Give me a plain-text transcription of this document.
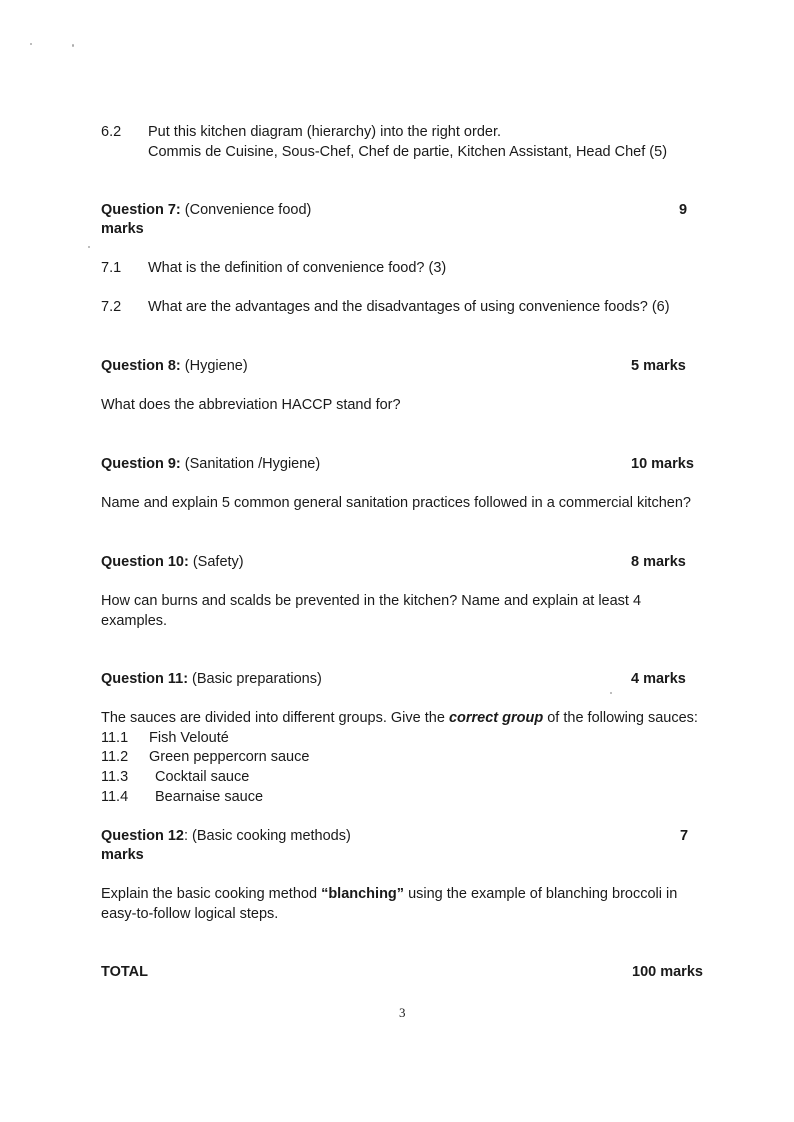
6.2 Put this kitchen diagram (hierarchy) into the right order.
Commis de Cuisine, Sous-Chef, Chef de partie, Kitchen Assistant, Head Chef (5)
Question 7: (Convenience food)	9
marks
7.1 What is the definition of convenience food? (3)
7.2 What are the advantages and the disadvantages of using convenience foods? (6)
Question 8: (Hygiene)	5 marks
What does the abbreviation HACCP stand for?
Question 9: (Sanitation /Hygiene)	10 marks
Name and explain 5 common general sanitation practices followed in a commercial kitchen?
Question 10: (Safety)	8 marks
How can burns and scalds be prevented in the kitchen? Name and explain at least 4
examples.
Question 11: (Basic preparations)	4 marks
The sauces are divided into different groups. Give the correct group of the following sauces:
11.1 Fish Velouté
11.2 Green peppercorn sauce
11.3 Cocktail sauce
11.4 Bearnaise sauce
Question 12: (Basic cooking methods)	7
marks
Explain the basic cooking method “blanching” using the example of blanching broccoli in
easy-to-follow logical steps.
TOTAL	100 marks
3
